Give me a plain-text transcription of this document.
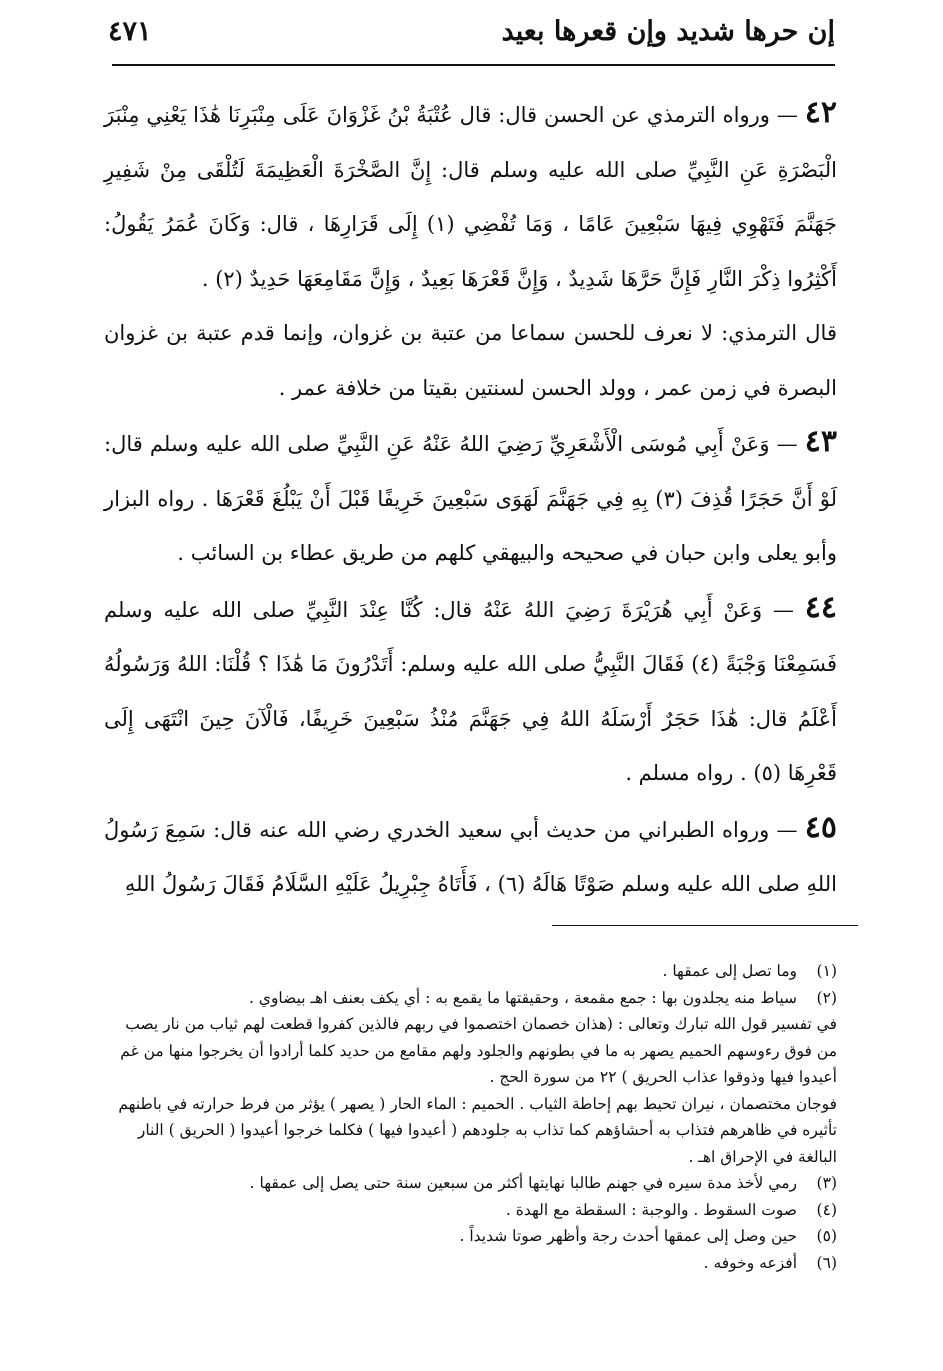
إن حرها شديد وإن قعرها بعيد
٤٧١

٤٢ — ورواه الترمذي عن الحسن قال: قال عُتْبَةُ بْنُ غَزْوَانَ عَلَى مِنْبَرِنَا هَٰذَا يَعْنِي مِنْبَرَ الْبَصْرَةِ عَنِ النَّبِيِّ صلى الله عليه وسلم قال: إِنَّ الصَّخْرَةَ الْعَظِيمَةَ لَتُلْقَى مِنْ شَفِيرِ جَهَنَّمَ فَتَهْوِي فِيهَا سَبْعِينَ عَامًا ، وَمَا تُفْضِي (١) إِلَى قَرَارِهَا ، قال: وَكَانَ عُمَرُ يَقُولُ: أَكْثِرُوا ذِكْرَ النَّارِ فَإِنَّ حَرَّهَا شَدِيدٌ ، وَإِنَّ قَعْرَهَا بَعِيدٌ ، وَإِنَّ مَقَامِعَهَا حَدِيدٌ (٢) .

قال الترمذي: لا نعرف للحسن سماعا من عتبة بن غزوان، وإنما قدم عتبة بن غزوان البصرة في زمن عمر ، وولد الحسن لسنتين بقيتا من خلافة عمر .

٤٣ — وَعَنْ أَبِي مُوسَى الْأَشْعَرِيِّ رَضِيَ اللهُ عَنْهُ عَنِ النَّبِيِّ صلى الله عليه وسلم قال: لَوْ أَنَّ حَجَرًا قُذِفَ (٣) بِهِ فِي جَهَنَّمَ لَهَوَى سَبْعِينَ خَرِيفًا قَبْلَ أَنْ يَبْلُغَ قَعْرَهَا . رواه البزار وأبو يعلى وابن حبان في صحيحه والبيهقي كلهم من طريق عطاء بن السائب .

٤٤ — وَعَنْ أَبِي هُرَيْرَةَ رَضِيَ اللهُ عَنْهُ قال: كُنَّا عِنْدَ النَّبِيِّ صلى الله عليه وسلم فَسَمِعْنَا وَجْبَةً (٤) فَقَالَ النَّبِيُّ صلى الله عليه وسلم: أَتَدْرُونَ مَا هَٰذَا ؟ قُلْنَا: اللهُ وَرَسُولُهُ أَعْلَمُ قال: هَٰذَا حَجَرٌ أَرْسَلَهُ اللهُ فِي جَهَنَّمَ مُنْذُ سَبْعِينَ خَرِيفًا، فَالْآنَ حِينَ انْتَهَى إِلَى قَعْرِهَا (٥) . رواه مسلم .

٤٥ — ورواه الطبراني من حديث أبي سعيد الخدري رضي الله عنه قال: سَمِعَ رَسُولُ اللهِ صلى الله عليه وسلم صَوْتًا هَالَهُ (٦) ، فَأَتَاهُ جِبْرِيلُ عَلَيْهِ السَّلَامُ فَقَالَ رَسُولُ اللهِ

(١)وما تصل إلى عمقها .

(٢)سياط منه يجلدون بها : جمع مقمعة ، وحقيقتها ما يقمع به : أي يكف بعنف اهـ بيضاوي .

في تفسير قول الله تبارك وتعالى : (هذان خصمان اختصموا في ربهم فالذين كفروا قطعت لهم ثياب من نار يصب من فوق رءوسهم الحميم يصهر به ما في بطونهم والجلود ولهم مقامع من حديد كلما أرادوا أن يخرجوا منها من غم أعيدوا فيها وذوقوا عذاب الحريق ) ٢٢ من سورة الحج .

فوجان مختصمان ، نيران تحيط بهم إحاطة الثياب . الحميم : الماء الحار ( يصهر ) يؤثر من فرط حرارته في باطنهم تأثيره في ظاهرهم فتذاب به أحشاؤهم كما تذاب به جلودهم ( أعيدوا فيها ) فكلما خرجوا أعيدوا ( الحريق ) النار البالغة في الإحراق اهـ .

(٣)رمي لأخذ مدة سيره في جهنم طالبا نهايتها أكثر من سبعين سنة حتى يصل إلى عمقها .

(٤)صوت السقوط . والوجبة : السقطة مع الهدة .

(٥)حين وصل إلى عمقها أحدث رجة وأظهر صوتا شديداً .

(٦)أفزعه وخوفه .
